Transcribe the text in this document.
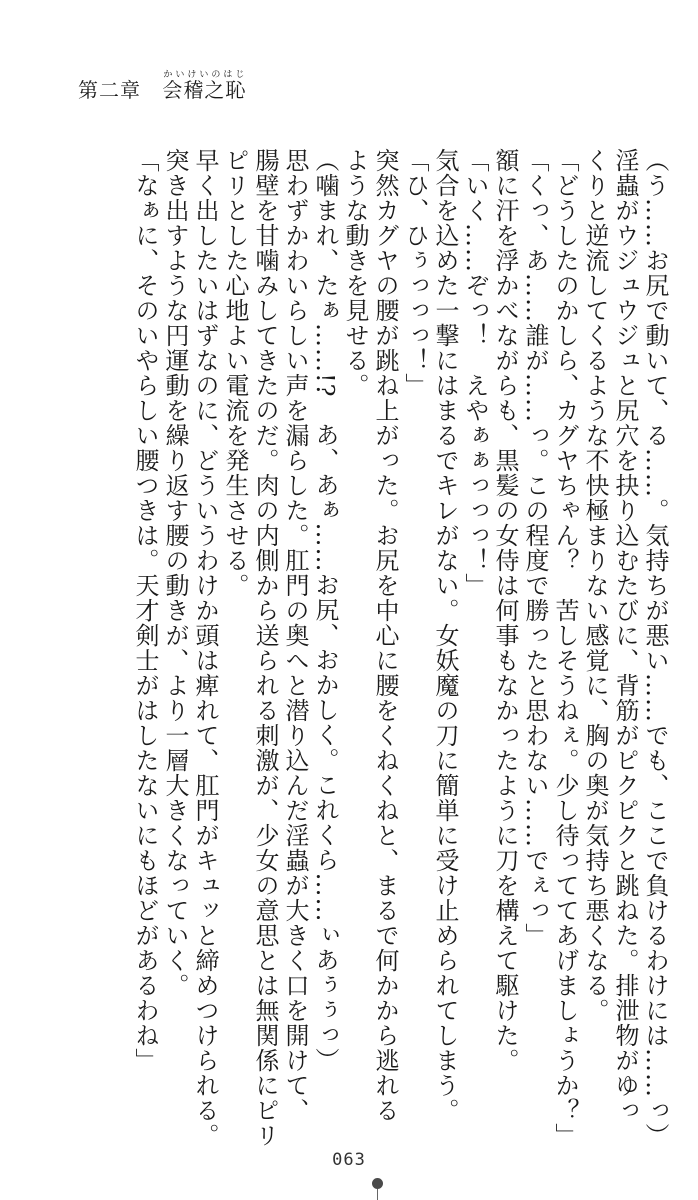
第二章 会稽之恥かいけいのはじ

（う……お尻で動いて、る……。気持ちが悪い……でも、ここで負けるわけには……っ）

淫蟲がウジュウジュと尻穴を抉り込むたびに、背筋がピクピクと跳ねた。排泄物がゆっ

くりと逆流してくるような不快極まりない感覚に、胸の奥が気持ち悪くなる。

「どうしたのかしら、カグヤちゃん？　苦しそうねぇ。少し待っててあげましょうか？」

「くっ、あ……誰が……っ。この程度で勝ったと思わない……でぇっ」

額に汗を浮かべながらも、黒髪の女侍は何事もなかったように刀を構えて駆けた。

「いく……ぞっ！　えやぁぁっっっ！」

気合を込めた一撃にはまるでキレがない。女妖魔の刀に簡単に受け止められてしまう。

「ひ、ひぅっっっ！」

突然カグヤの腰が跳ね上がった。お尻を中心に腰をくねくねと、まるで何かから逃れる

ような動きを見せる。

（噛まれ、たぁ……!?　あ、あぁ……お尻、おかしく。これくら……ぃあぅぅっ）

思わずかわいらしい声を漏らした。肛門の奥へと潜り込んだ淫蟲が大きく口を開けて、

腸壁を甘噛みしてきたのだ。肉の内側から送られる刺激が、少女の意思とは無関係にピリ

ピリとした心地よい電流を発生させる。

早く出したいはずなのに、どういうわけか頭は痺れて、肛門がキュッと締めつけられる。

突き出すような円運動を繰り返す腰の動きが、より一層大きくなっていく。

「なぁに、そのいやらしい腰つきは。天才剣士がはしたないにもほどがあるわね」

063
